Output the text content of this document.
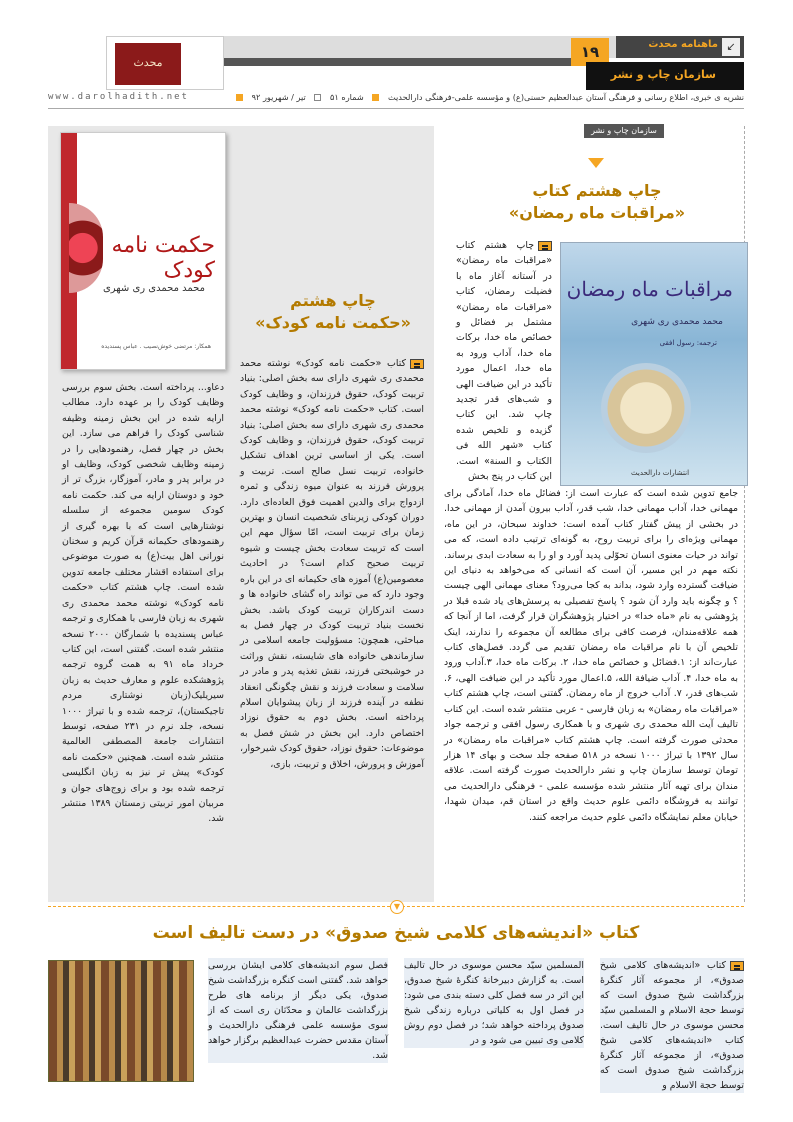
محدث
۱۹	ماهنامه محدث ↙
سازمان چاپ و نشر
نشریه ی خبری، اطلاع رسانی و فرهنگی آستان عبدالعظیم حسنی(ع) و مؤسسه علمی-فرهنگی دارالحدیث  شماره ۵۱  تیر / شهریور ۹۲
www.darolhadith.net
حکمت نامه کودک
محمد محمدی ری شهری
همکار: مرتضی خوش‌نصیب . عباس پسندیده
چاپ هشتم
«حکمت نامه کودک»

کتاب «حکمت نامه کودک» نوشته محمد محمدی ری شهری دارای سه بخش اصلی: بنیاد تربیت کودک، حقوق فرزندان، و وظایف کودک است. کتاب «حکمت نامه کودک» نوشته محمد محمدی ری شهری دارای سه بخش اصلی: بنیاد تربیت کودک، حقوق فرزندان، و وظایف کودک است. یکی از اساسی ترین اهداف تشکیل خانواده، تربیت نسل صالح است. تربیت و پرورش فرزند به عنوان میوه زندگی و ثمره ازدواج برای والدین اهمیت فوق العاده‌ای دارد. دوران کودکی زیربنای شخصیت انسان و بهترین زمان برای تربیت است، امّا سؤال مهم این است که تربیت سعادت بخش چیست و شیوه تربیت صحیح کدام است؟ در احادیث معصومین(ع) آموزه های حکیمانه ای در این باره وجود دارد که می تواند راه گشای خانواده ها و دست اندرکاران تربیت کودک باشد. بخش نخست بنیاد تربیت کودک در چهار فصل به مباحثی، همچون: مسؤولیت جامعه اسلامی در سازماندهی خانواده های شایسته، نقش وراثت در خوشبختی فرزند، نقش تغذیه پدر و مادر در سلامت و سعادت فرزند و نقش چگونگی انعقاد نطفه در آینده فرزند از زبان پیشوایان اسلام پرداخته است. بخش دوم به حقوق نوزاد اختصاص دارد. این بخش در شش فصل به موضوعات: حقوق نوزاد، حقوق کودک شیرخوار، آموزش و پرورش، اخلاق و تربیت، بازی،

دعاو... پرداخته است. بخش سوم بررسی وظایف کودک را بر عهده دارد. مطالب ارایه شده در این بخش زمینه وظیفه شناسی کودک را فراهم می سازد. این بخش در چهار فصل، رهنمودهایی را در زمینه وظایف شخصی کودک، وظایف او در برابر پدر و مادر، آموزگار، بزرگ تر از خود و دوستان ارایه می کند. حکمت نامه کودک سومین مجموعه از سلسله نوشتارهایی است که با بهره گیری از رهنمودهای حکیمانه قرآن کریم و سخنان نورانی اهل بیت(ع) به صورت موضوعی برای استفاده اقشار مختلف جامعه تدوین شده است. چاپ هشتم کتاب «حکمت نامه کودک» نوشته محمد محمدی ری شهری به زبان فارسی با همکاری و ترجمه عباس پسندیده با شمارگان ۲۰۰۰ نسخه منتشر شده است. گفتنی است، این کتاب خرداد ماه ۹۱ به همت گروه ترجمه پژوهشکده علوم و معارف حدیث به زبان سیریلیک(زبان نوشتاری مردم تاجیکستان)، ترجمه شده و با تیراژ ۱۰۰۰ نسخه، جلد نرم در ۲۳۱ صفحه، توسط انتشارات جامعة المصطفی العالمیة منتشر شده است. همچنین «حکمت نامه کودک» پیش تر نیز به زبان انگلیسی ترجمه شده بود و برای زوج‌های جوان و مربیان امور تربیتی زمستان ۱۳۸۹ منتشر شد.

سازمان چاپ و نشر
چاپ هشتم کتاب
«مراقبات ماه رمضان»
مراقبات ماه رمضان
محمد محمدی ری شهری
ترجمه: رسول افقی
انتشارات دارالحدیث

چاپ هشتم کتاب «مراقبات ماه رمضان» در آستانه آغاز ماه با فضیلت رمضان، کتاب «مراقبات ماه رمضان» مشتمل بر فضائل و خصائص ماه خدا، برکات ماه خدا، آداب ورود به ماه خدا، اعمال مورد تأکید در این ضیافت الهی و شب‌های قدر تجدید چاپ شد. این کتاب گزیده و تلخیص شده کتاب «شهر الله فی الکتاب و السنة» است. این کتاب در پنج بخش

جامع تدوین شده است که عبارت است از: فضائل ماه خدا، آمادگی برای مهمانی خدا، آداب مهمانی خدا، شب قدر، آداب بیرون آمدن از مهمانی خدا. در بخشی از پیش گفتار کتاب آمده است: خداوند سبحان، در این ماه، مهمانی ویژه‌ای را برای تربیت روح، به گونه‌ای ترتیب داده است، که می تواند در حیات معنوی انسان تحوّلی پدید آورد و او را به سعادت ابدی برساند. نکته مهم در این مسیر، آن است که انسانی که می‌خواهد به دنیای این ضیافت گسترده وارد شود، بداند به کجا می‌رود؟ معنای مهمانی الهی چیست ؟ و چگونه باید وارد آن شود ؟ پاسخ تفصیلی به پرسش‌های یاد شده قبلا در پژوهشی به نام «ماه خدا» در اختیار پژوهشگران قرار گرفت، اما از آنجا که همه علاقه‌مندان، فرصت کافی برای مطالعه آن مجموعه را ندارند، اینک تلخیص آن با نام مراقبات ماه رمضان تقدیم می گردد. فصل‌های کتاب عبارت‌اند از: ۱.فضائل و خصائص ماه خدا، ۲. برکات ماه خدا، ۳.آداب ورود به ماه خدا، ۴. آداب ضیافة الله، ۵.اعمال مورد تأکید در این ضیافت الهی، ۶. شب‌های قدر، ۷. آداب خروج از ماه رمضان. گفتنی است، چاپ هشتم کتاب «مراقبات ماه رمضان» به زبان فارسی - عربی منتشر شده است. این کتاب تالیف آیت الله محمدی ری شهری و با همکاری رسول افقی و ترجمه جواد محدثی صورت گرفته است. چاپ هشتم کتاب «مراقبات ماه رمضان» در سال ۱۳۹۲ با تیراژ ۱۰۰۰ نسخه در ۵۱۸ صفحه جلد سخت و بهای ۱۴ هزار تومان توسط سازمان چاپ و نشر دارالحدیث صورت گرفته است. علاقه مندان برای تهیه آثار منتشر شده مؤسسه علمی - فرهنگی دارالحدیث می توانند به فروشگاه دائمی علوم حدیث واقع در استان قم، میدان شهدا، خیابان معلم نمایشگاه دائمی علوم حدیث مراجعه کنند.

▼
کتاب «اندیشه‌های کلامی شیخ صدوق» در دست تالیف است
کتاب «اندیشه‌های کلامی شیخ صدوق»، از مجموعه آثار کنگرهٔ بزرگداشت شیخ صدوق است که توسط حجة الاسلام و المسلمین سیّد محسن موسوی در حال تالیف است. کتاب «اندیشه‌های کلامی شیخ صدوق»، از مجموعه آثار کنگرهٔ بزرگداشت شیخ صدوق است که توسط حجة الاسلام و
المسلمین سیّد محسن موسوی در حال تالیف است. به گزارش دبیرخانهٔ کنگرهٔ شیخ صدوق، این اثر در سه فصل کلی دسته بندی می شود: در فصل اول به کلیاتی درباره زندگی شیخ صدوق پرداخته خواهد شد؛ در فصل دوم روش کلامی وی تبیین می شود و در
فصل سوم اندیشه‌های کلامی ایشان بررسی خواهد شد. گفتنی است کنگره بزرگداشت شیخ صدوق، یکی دیگر از برنامه های طرح بزرگداشت عالمان و محدّثان ری است که از سوی مؤسسه علمی فرهنگی دارالحدیث و آستان مقدس حضرت عبدالعظیم برگزار خواهد شد.
